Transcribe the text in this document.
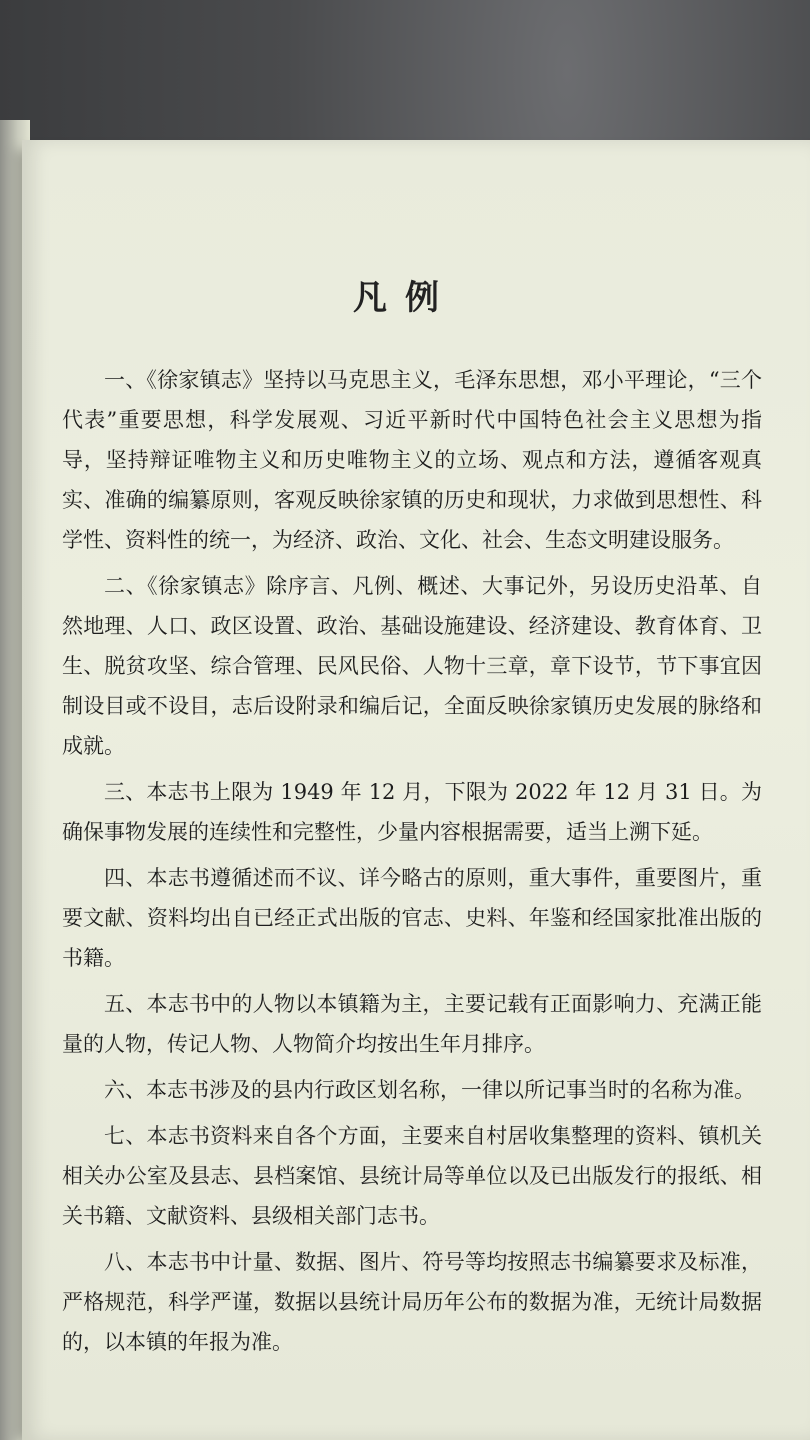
凡例

一、《徐家镇志》坚持以马克思主义，毛泽东思想，邓小平理论，“三个代表”重要思想，科学发展观、习近平新时代中国特色社会主义思想为指导，坚持辩证唯物主义和历史唯物主义的立场、观点和方法，遵循客观真实、准确的编纂原则，客观反映徐家镇的历史和现状，力求做到思想性、科学性、资料性的统一，为经济、政治、文化、社会、生态文明建设服务。

二、《徐家镇志》除序言、凡例、概述、大事记外，另设历史沿革、自然地理、人口、政区设置、政治、基础设施建设、经济建设、教育体育、卫生、脱贫攻坚、综合管理、民风民俗、人物十三章，章下设节，节下事宜因制设目或不设目，志后设附录和编后记，全面反映徐家镇历史发展的脉络和成就。

三、本志书上限为 1949 年 12 月，下限为 2022 年 12 月 31 日。为确保事物发展的连续性和完整性，少量内容根据需要，适当上溯下延。

四、本志书遵循述而不议、详今略古的原则，重大事件，重要图片，重要文献、资料均出自已经正式出版的官志、史料、年鉴和经国家批准出版的书籍。

五、本志书中的人物以本镇籍为主，主要记载有正面影响力、充满正能量的人物，传记人物、人物简介均按出生年月排序。

六、本志书涉及的县内行政区划名称，一律以所记事当时的名称为准。

七、本志书资料来自各个方面，主要来自村居收集整理的资料、镇机关相关办公室及县志、县档案馆、县统计局等单位以及已出版发行的报纸、相关书籍、文献资料、县级相关部门志书。

八、本志书中计量、数据、图片、符号等均按照志书编纂要求及标准，严格规范，科学严谨，数据以县统计局历年公布的数据为准，无统计局数据的，以本镇的年报为准。
